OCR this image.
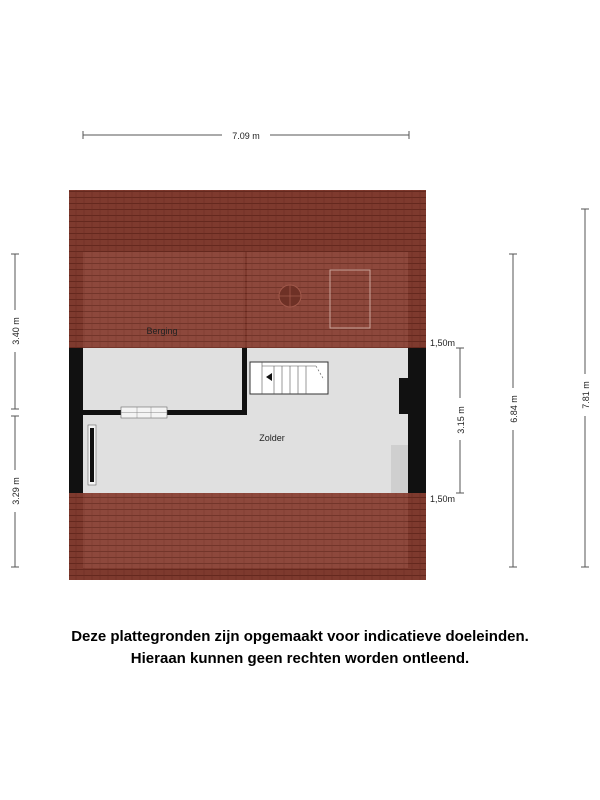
7.09 m
3.40 m
3.29 m
3.15 m	6.84 m
7.81 m
Berging
Zolder
1,50m
1,50m
Deze plattegronden zijn opgemaakt voor indicatieve doeleinden.
Hieraan kunnen geen rechten worden ontleend.
